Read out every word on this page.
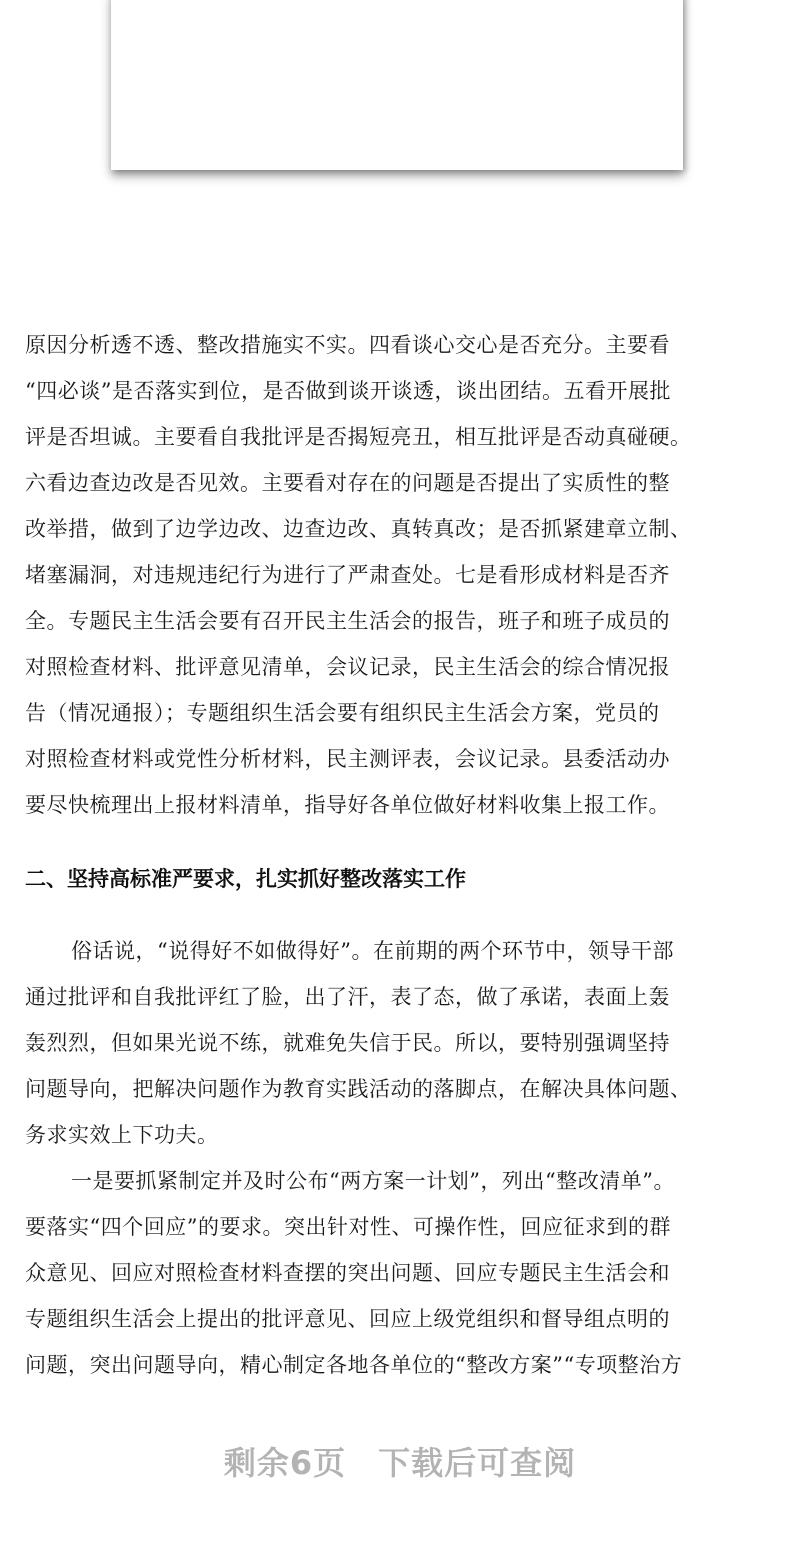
原因分析透不透、整改措施实不实。四看谈心交心是否充分。主要看
“四必谈”是否落实到位，是否做到谈开谈透，谈出团结。五看开展批
评是否坦诚。主要看自我批评是否揭短亮丑，相互批评是否动真碰硬。
六看边查边改是否见效。主要看对存在的问题是否提出了实质性的整
改举措，做到了边学边改、边查边改、真转真改；是否抓紧建章立制、
堵塞漏洞，对违规违纪行为进行了严肃查处。七是看形成材料是否齐
全。专题民主生活会要有召开民主生活会的报告，班子和班子成员的
对照检查材料、批评意见清单，会议记录，民主生活会的综合情况报
告（情况通报）；专题组织生活会要有组织民主生活会方案，党员的
对照检查材料或党性分析材料，民主测评表，会议记录。县委活动办
要尽快梳理出上报材料清单，指导好各单位做好材料收集上报工作。
二、坚持高标准严要求，扎实抓好整改落实工作
俗话说，“说得好不如做得好”。在前期的两个环节中，领导干部
通过批评和自我批评红了脸，出了汗，表了态，做了承诺，表面上轰
轰烈烈，但如果光说不练，就难免失信于民。所以，要特别强调坚持
问题导向，把解决问题作为教育实践活动的落脚点，在解决具体问题、
务求实效上下功夫。
一是要抓紧制定并及时公布“两方案一计划”，列出“整改清单”。
要落实“四个回应”的要求。突出针对性、可操作性，回应征求到的群
众意见、回应对照检查材料查摆的突出问题、回应专题民主生活会和
专题组织生活会上提出的批评意见、回应上级党组织和督导组点明的
问题，突出问题导向，精心制定各地各单位的“整改方案”“专项整治方
剩余6页 下载后可查阅
